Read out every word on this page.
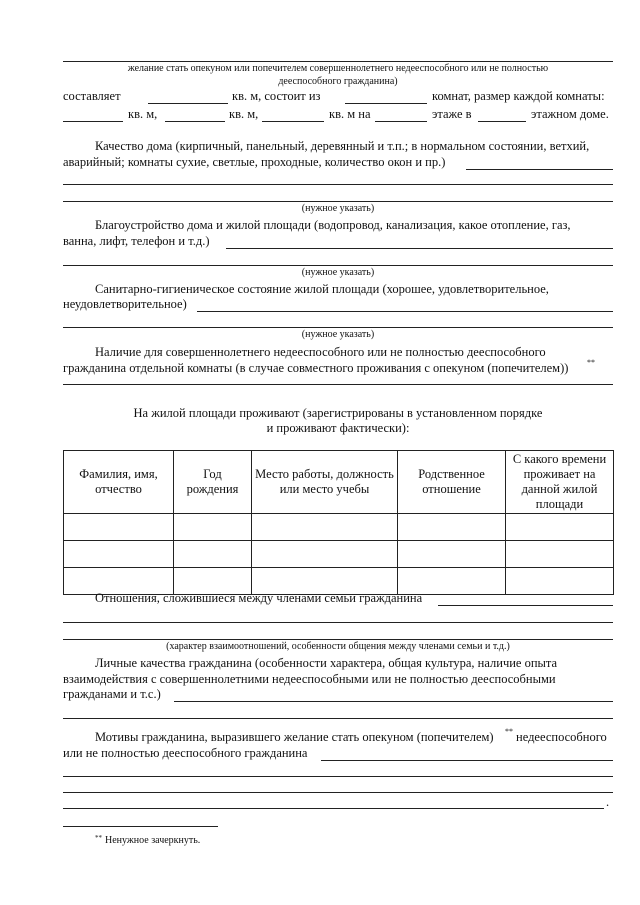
желание стать опекуном или попечителем совершеннолетнего недееспособного или не полностью
дееспособного гражданина)
составляет	кв. м, состоит из	комнат, размер каждой комнаты:
кв. м,	кв. м,	кв. м на	этаже в	этажном доме.
Качество дома (кирпичный, панельный, деревянный и т.п.; в нормальном состоянии, ветхий,
аварийный; комнаты сухие, светлые, проходные, количество окон и пр.)
(нужное указать)
Благоустройство дома и жилой площади (водопровод, канализация, какое отопление, газ,
ванна, лифт, телефон и т.д.)
(нужное указать)
Санитарно-гигиеническое состояние жилой площади (хорошее, удовлетворительное,
неудовлетворительное)
(нужное указать)
Наличие для совершеннолетнего недееспособного или не полностью дееспособного
гражданина отдельной комнаты (в случае совместного проживания с опекуном (попечителем)) **
На жилой площади проживают (зарегистрированы в установленном порядке
и проживают фактически):
Фамилия, имя, отчество	Год рождения	Место работы, должность или место учебы	Родственное отношение	С какого времени проживает на данной жилой площади

Отношения, сложившиеся между членами семьи гражданина
(характер взаимоотношений, особенности общения между членами семьи и т.д.)
Личные качества гражданина (особенности характера, общая культура, наличие опыта
взаимодействия с совершеннолетними недееспособными или не полностью дееспособными
гражданами и т.с.)
Мотивы гражданина, выразившего желание стать опекуном (попечителем) ** недееспособного
или не полностью дееспособного гражданина
.
** Ненужное зачеркнуть.
